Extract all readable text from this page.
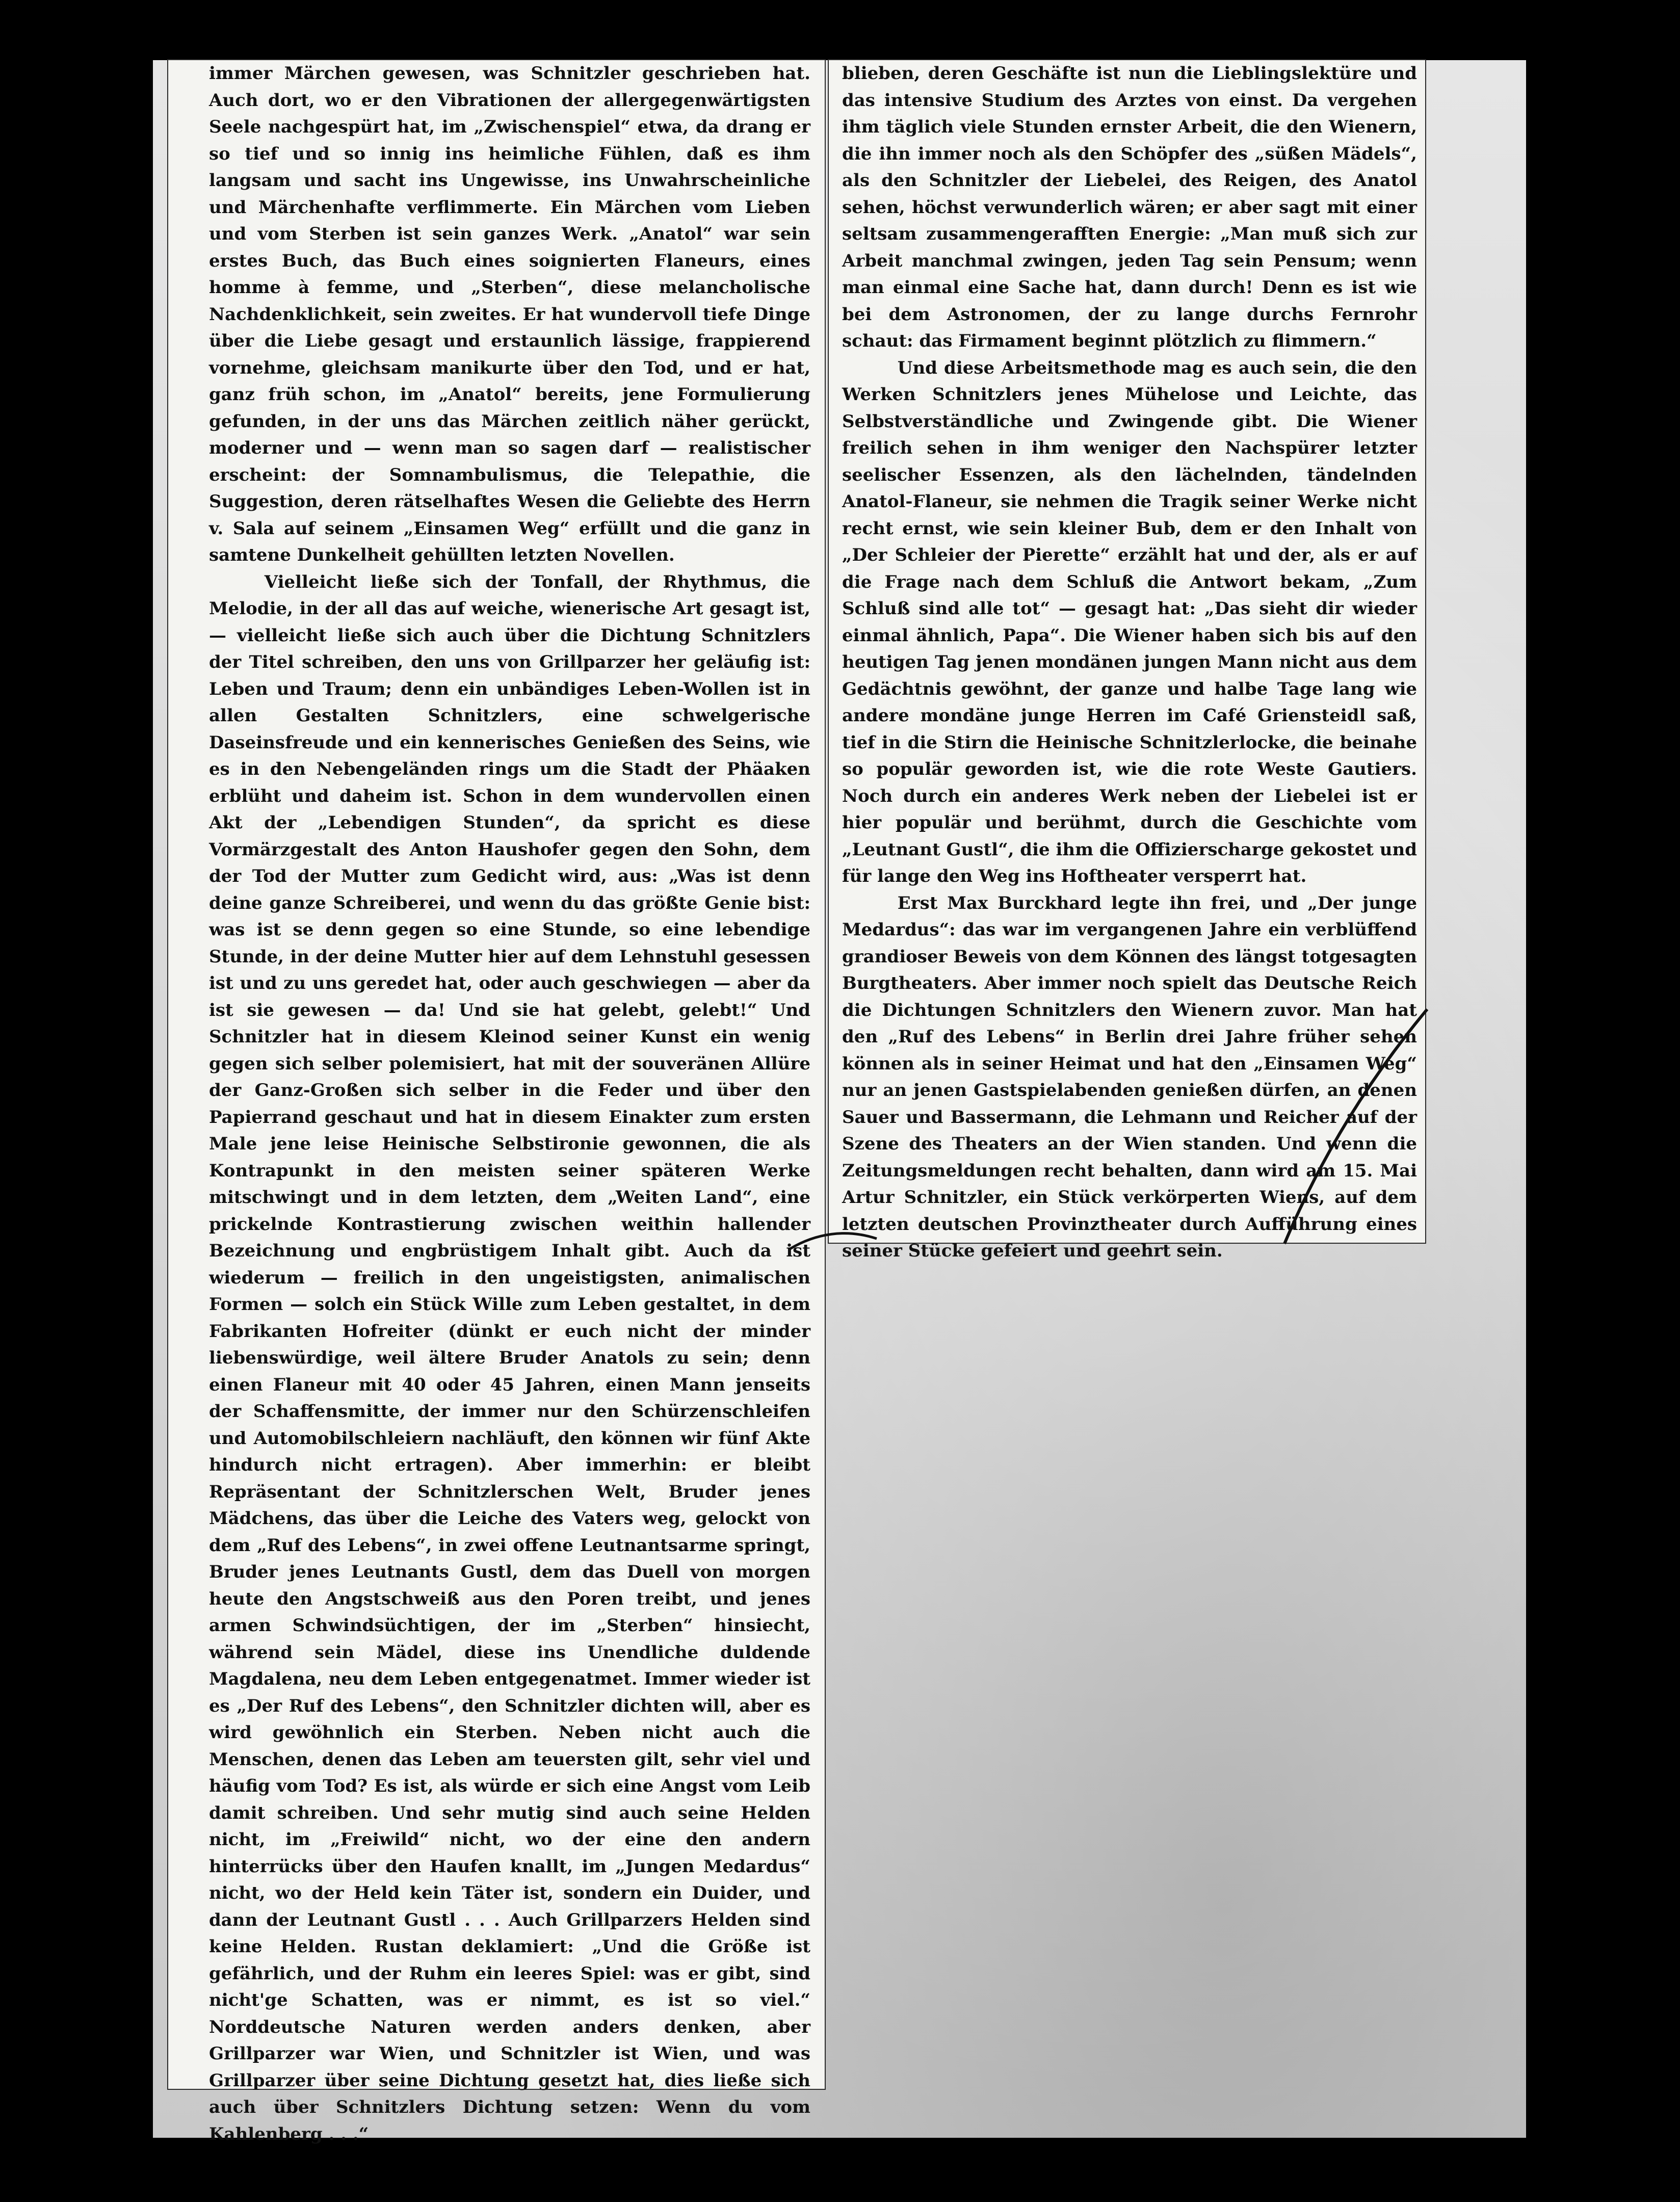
immer Märchen gewesen, was Schnitzler geschrieben hat. Auch dort, wo er den Vibrationen der allergegenwärtigsten Seele nachgespürt hat, im „Zwischenspiel“ etwa, da drang er so tief und so innig ins heimliche Fühlen, daß es ihm langsam und sacht ins Ungewisse, ins Unwahrscheinliche und Märchenhafte verflimmerte. Ein Märchen vom Lieben und vom Sterben ist sein ganzes Werk. „Anatol“ war sein erstes Buch, das Buch eines soignierten Flaneurs, eines homme à femme, und „Sterben“, diese melancholische Nachdenklichkeit, sein zweites. Er hat wundervoll tiefe Dinge über die Liebe gesagt und erstaunlich lässige, frappierend vornehme, gleichsam manikurte über den Tod, und er hat, ganz früh schon, im „Anatol“ bereits, jene Formulierung gefunden, in der uns das Märchen zeitlich näher gerückt, moderner und — wenn man so sagen darf — realistischer erscheint: der Somnambulismus, die Telepathie, die Suggestion, deren rätselhaftes Wesen die Geliebte des Herrn v. Sala auf seinem „Einsamen Weg“ erfüllt und die ganz in samtene Dunkelheit gehüllten letzten Novellen.

Vielleicht ließe sich der Tonfall, der Rhythmus, die Melodie, in der all das auf weiche, wienerische Art gesagt ist, — vielleicht ließe sich auch über die Dichtung Schnitzlers der Titel schreiben, den uns von Grillparzer her geläufig ist: Leben und Traum; denn ein unbändiges Leben-Wollen ist in allen Gestalten Schnitzlers, eine schwelgerische Daseinsfreude und ein kennerisches Genießen des Seins, wie es in den Nebengeländen rings um die Stadt der Phäaken erblüht und daheim ist. Schon in dem wundervollen einen Akt der „Lebendigen Stunden“, da spricht es diese Vormärzgestalt des Anton Haushofer gegen den Sohn, dem der Tod der Mutter zum Gedicht wird, aus: „Was ist denn deine ganze Schreiberei, und wenn du das größte Genie bist: was ist se denn gegen so eine Stunde, so eine lebendige Stunde, in der deine Mutter hier auf dem Lehnstuhl gesessen ist und zu uns geredet hat, oder auch geschwiegen — aber da ist sie gewesen — da! Und sie hat gelebt, gelebt!“ Und Schnitzler hat in diesem Kleinod seiner Kunst ein wenig gegen sich selber polemisiert, hat mit der souveränen Allüre der Ganz-Großen sich selber in die Feder und über den Papierrand geschaut und hat in diesem Einakter zum ersten Male jene leise Heinische Selbstironie gewonnen, die als Kontrapunkt in den meisten seiner späteren Werke mitschwingt und in dem letzten, dem „Weiten Land“, eine prickelnde Kontrastierung zwischen weithin hallender Bezeichnung und engbrüstigem Inhalt gibt. Auch da ist wiederum — freilich in den ungeistigsten, animalischen Formen — solch ein Stück Wille zum Leben gestaltet, in dem Fabrikanten Hofreiter (dünkt er euch nicht der minder liebenswürdige, weil ältere Bruder Anatols zu sein; denn einen Flaneur mit 40 oder 45 Jahren, einen Mann jenseits der Schaffensmitte, der immer nur den Schürzenschleifen und Automobilschleiern nachläuft, den können wir fünf Akte hindurch nicht ertragen). Aber immerhin: er bleibt Repräsentant der Schnitzlerschen Welt, Bruder jenes Mädchens, das über die Leiche des Vaters weg, gelockt von dem „Ruf des Lebens“, in zwei offene Leutnantsarme springt, Bruder jenes Leutnants Gustl, dem das Duell von morgen heute den Angstschweiß aus den Poren treibt, und jenes armen Schwindsüchtigen, der im „Sterben“ hinsiecht, während sein Mädel, diese ins Unendliche duldende Magdalena, neu dem Leben entgegenatmet. Immer wieder ist es „Der Ruf des Lebens“, den Schnitzler dichten will, aber es wird gewöhnlich ein Sterben. Neben nicht auch die Menschen, denen das Leben am teuersten gilt, sehr viel und häufig vom Tod? Es ist, als würde er sich eine Angst vom Leib damit schreiben. Und sehr mutig sind auch seine Helden nicht, im „Freiwild“ nicht, wo der eine den andern hinterrücks über den Haufen knallt, im „Jungen Medardus“ nicht, wo der Held kein Täter ist, sondern ein Duider, und dann der Leutnant Gustl . . . Auch Grillparzers Helden sind keine Helden. Rustan deklamiert: „Und die Größe ist gefährlich, und der Ruhm ein leeres Spiel: was er gibt, sind nicht'ge Schatten, was er nimmt, es ist so viel.“ Norddeutsche Naturen werden anders denken, aber Grillparzer war Wien, und Schnitzler ist Wien, und was Grillparzer über seine Dichtung gesetzt hat, dies ließe sich auch über Schnitzlers Dichtung setzen: Wenn du vom Kahlenberg . . .“

blieben, deren Geschäfte ist nun die Lieblingslektüre und das intensive Studium des Arztes von einst. Da vergehen ihm täglich viele Stunden ernster Arbeit, die den Wienern, die ihn immer noch als den Schöpfer des „süßen Mädels“, als den Schnitzler der Liebelei, des Reigen, des Anatol sehen, höchst verwunderlich wären; er aber sagt mit einer seltsam zusammengerafften Energie: „Man muß sich zur Arbeit manchmal zwingen, jeden Tag sein Pensum; wenn man einmal eine Sache hat, dann durch! Denn es ist wie bei dem Astronomen, der zu lange durchs Fernrohr schaut: das Firmament beginnt plötzlich zu flimmern.“

Und diese Arbeitsmethode mag es auch sein, die den Werken Schnitzlers jenes Mühelose und Leichte, das Selbstverständliche und Zwingende gibt. Die Wiener freilich sehen in ihm weniger den Nachspürer letzter seelischer Essenzen, als den lächelnden, tändelnden Anatol-Flaneur, sie nehmen die Tragik seiner Werke nicht recht ernst, wie sein kleiner Bub, dem er den Inhalt von „Der Schleier der Pierette“ erzählt hat und der, als er auf die Frage nach dem Schluß die Antwort bekam, „Zum Schluß sind alle tot“ — gesagt hat: „Das sieht dir wieder einmal ähnlich, Papa“. Die Wiener haben sich bis auf den heutigen Tag jenen mondänen jungen Mann nicht aus dem Gedächtnis gewöhnt, der ganze und halbe Tage lang wie andere mondäne junge Herren im Café Griensteidl saß, tief in die Stirn die Heinische Schnitzlerlocke, die beinahe so populär geworden ist, wie die rote Weste Gautiers. Noch durch ein anderes Werk neben der Liebelei ist er hier populär und berühmt, durch die Geschichte vom „Leutnant Gustl“, die ihm die Offizierscharge gekostet und für lange den Weg ins Hoftheater versperrt hat.

Erst Max Burckhard legte ihn frei, und „Der junge Medardus“: das war im vergangenen Jahre ein verblüffend grandioser Beweis von dem Können des längst totgesagten Burgtheaters. Aber immer noch spielt das Deutsche Reich die Dichtungen Schnitzlers den Wienern zuvor. Man hat den „Ruf des Lebens“ in Berlin drei Jahre früher sehen können als in seiner Heimat und hat den „Einsamen Weg“ nur an jenen Gastspielabenden genießen dürfen, an denen Sauer und Bassermann, die Lehmann und Reicher auf der Szene des Theaters an der Wien standen. Und wenn die Zeitungsmeldungen recht behalten, dann wird am 15. Mai Artur Schnitzler, ein Stück verkörperten Wiens, auf dem letzten deutschen Provinztheater durch Aufführung eines seiner Stücke gefeiert und geehrt sein.
